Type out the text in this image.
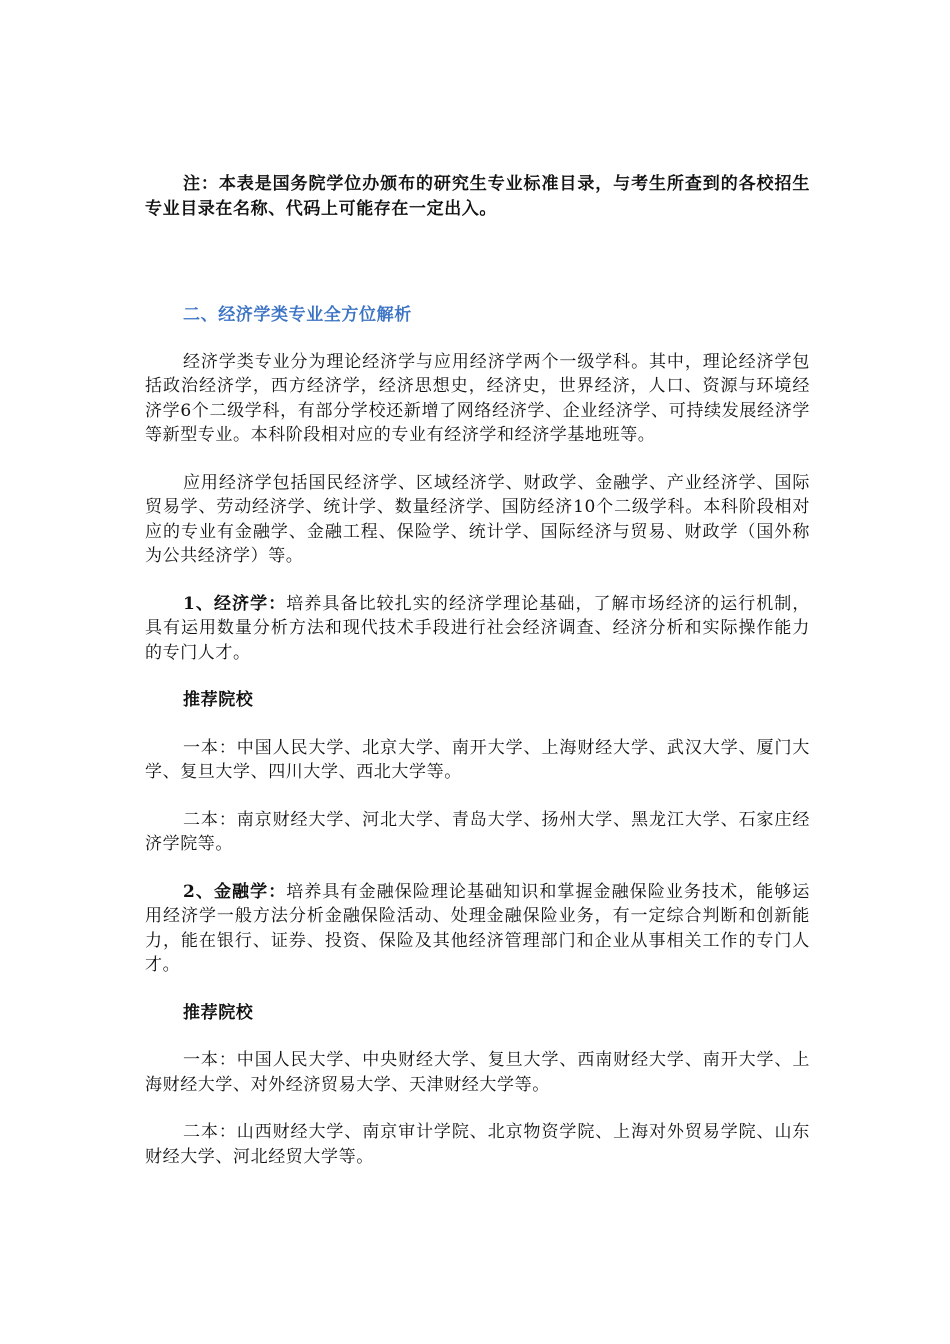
注：本表是国务院学位办颁布的研究生专业标准目录，与考生所查到的各校招生专业目录在名称、代码上可能存在一定出入。

二、经济学类专业全方位解析

经济学类专业分为理论经济学与应用经济学两个一级学科。其中，理论经济学包括政治经济学，西方经济学，经济思想史，经济史，世界经济，人口、资源与环境经济学6个二级学科，有部分学校还新增了网络经济学、企业经济学、可持续发展经济学等新型专业。本科阶段相对应的专业有经济学和经济学基地班等。

应用经济学包括国民经济学、区域经济学、财政学、金融学、产业经济学、国际贸易学、劳动经济学、统计学、数量经济学、国防经济10个二级学科。本科阶段相对应的专业有金融学、金融工程、保险学、统计学、国际经济与贸易、财政学（国外称为公共经济学）等。

1、经济学：培养具备比较扎实的经济学理论基础，了解市场经济的运行机制，具有运用数量分析方法和现代技术手段进行社会经济调查、经济分析和实际操作能力的专门人才。

推荐院校

一本：中国人民大学、北京大学、南开大学、上海财经大学、武汉大学、厦门大学、复旦大学、四川大学、西北大学等。

二本：南京财经大学、河北大学、青岛大学、扬州大学、黑龙江大学、石家庄经济学院等。

2、金融学：培养具有金融保险理论基础知识和掌握金融保险业务技术，能够运用经济学一般方法分析金融保险活动、处理金融保险业务，有一定综合判断和创新能力，能在银行、证券、投资、保险及其他经济管理部门和企业从事相关工作的专门人才。

推荐院校

一本：中国人民大学、中央财经大学、复旦大学、西南财经大学、南开大学、上海财经大学、对外经济贸易大学、天津财经大学等。

二本：山西财经大学、南京审计学院、北京物资学院、上海对外贸易学院、山东财经大学、河北经贸大学等。
